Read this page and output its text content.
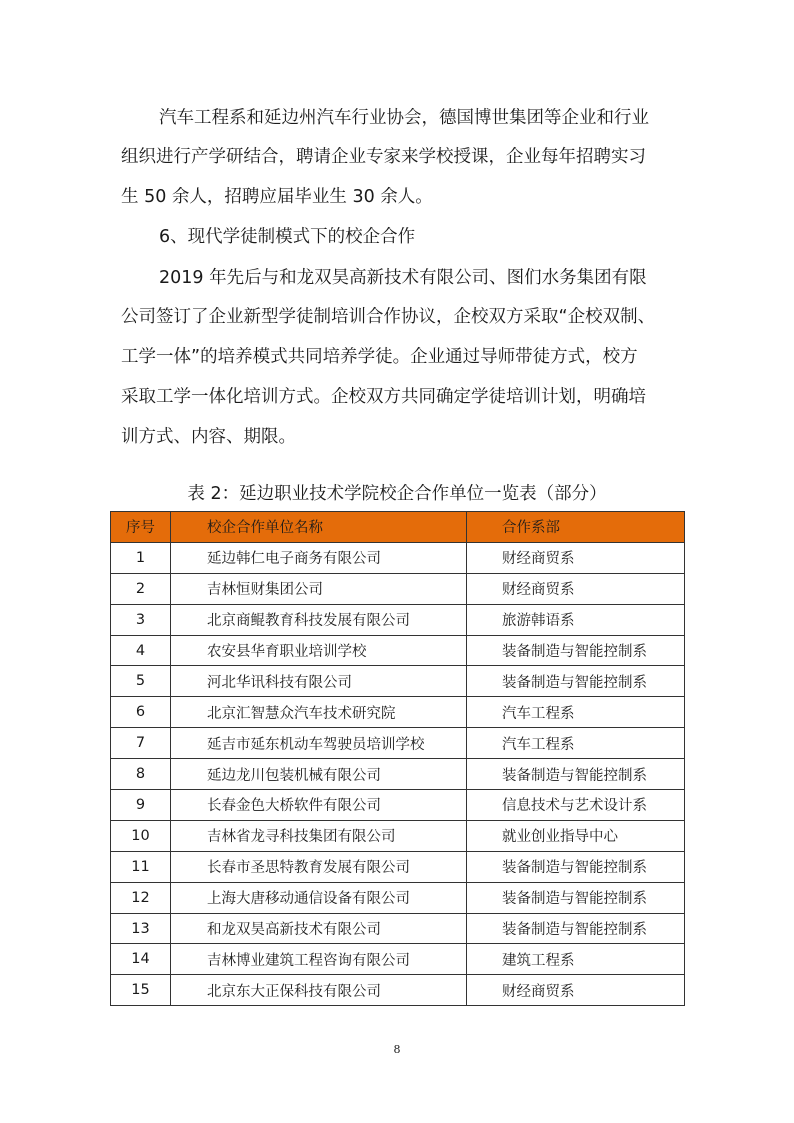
汽车工程系和延边州汽车行业协会，德国博世集团等企业和行业

组织进行产学研结合，聘请企业专家来学校授课，企业每年招聘实习

生 50 余人，招聘应届毕业生 30 余人。

6、现代学徒制模式下的校企合作

2019 年先后与和龙双昊高新技术有限公司、图们水务集团有限

公司签订了企业新型学徒制培训合作协议，企校双方采取“企校双制、

工学一体”的培养模式共同培养学徒。企业通过导师带徒方式，校方

采取工学一体化培训方式。企校双方共同确定学徒培训计划，明确培

训方式、内容、期限。

表 2：延边职业技术学院校企合作单位一览表（部分）
序号	校企合作单位名称	合作系部
1	延边韩仁电子商务有限公司	财经商贸系
2	吉林恒财集团公司	财经商贸系
3	北京商鲲教育科技发展有限公司	旅游韩语系
4	农安县华育职业培训学校	装备制造与智能控制系
5	河北华讯科技有限公司	装备制造与智能控制系
6	北京汇智慧众汽车技术研究院	汽车工程系
7	延吉市延东机动车驾驶员培训学校	汽车工程系
8	延边龙川包装机械有限公司	装备制造与智能控制系
9	长春金色大桥软件有限公司	信息技术与艺术设计系
10	吉林省龙寻科技集团有限公司	就业创业指导中心
11	长春市圣思特教育发展有限公司	装备制造与智能控制系
12	上海大唐移动通信设备有限公司	装备制造与智能控制系
13	和龙双昊高新技术有限公司	装备制造与智能控制系
14	吉林博业建筑工程咨询有限公司	建筑工程系
15	北京东大正保科技有限公司	财经商贸系
8
